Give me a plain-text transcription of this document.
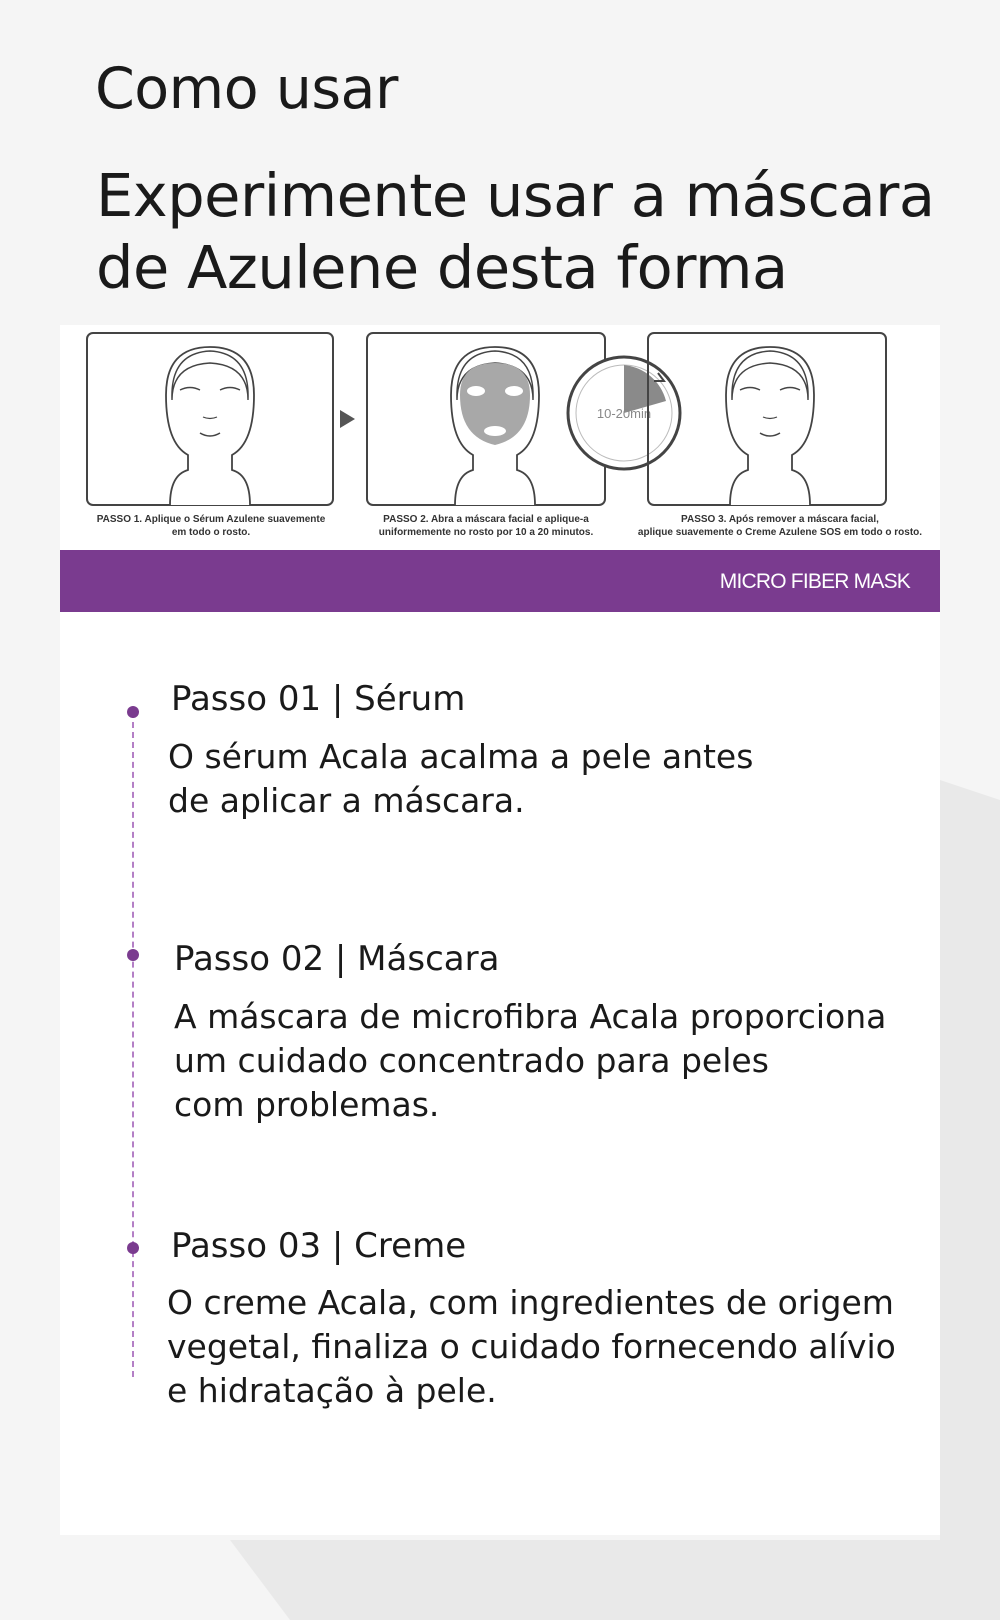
Como usar
Experimente usar a máscara
de Azulene desta forma
10-20min
PASSO 1. Aplique o Sérum Azulene suavemente
em todo o rosto.
PASSO 2. Abra a máscara facial e aplique-a
uniformemente no rosto por 10 a 20 minutos.
PASSO 3. Após remover a máscara facial,
aplique suavemente o Creme Azulene SOS em todo o rosto.
MICRO FIBER MASK
Passo 01 | Sérum
O sérum Acala acalma a pele antes
de aplicar a máscara.
Passo 02 | Máscara
A máscara de microfibra Acala proporciona
um cuidado concentrado para peles
com problemas.
Passo 03 | Creme
O creme Acala, com ingredientes de origem
vegetal, finaliza o cuidado fornecendo alívio
e hidratação à pele.
